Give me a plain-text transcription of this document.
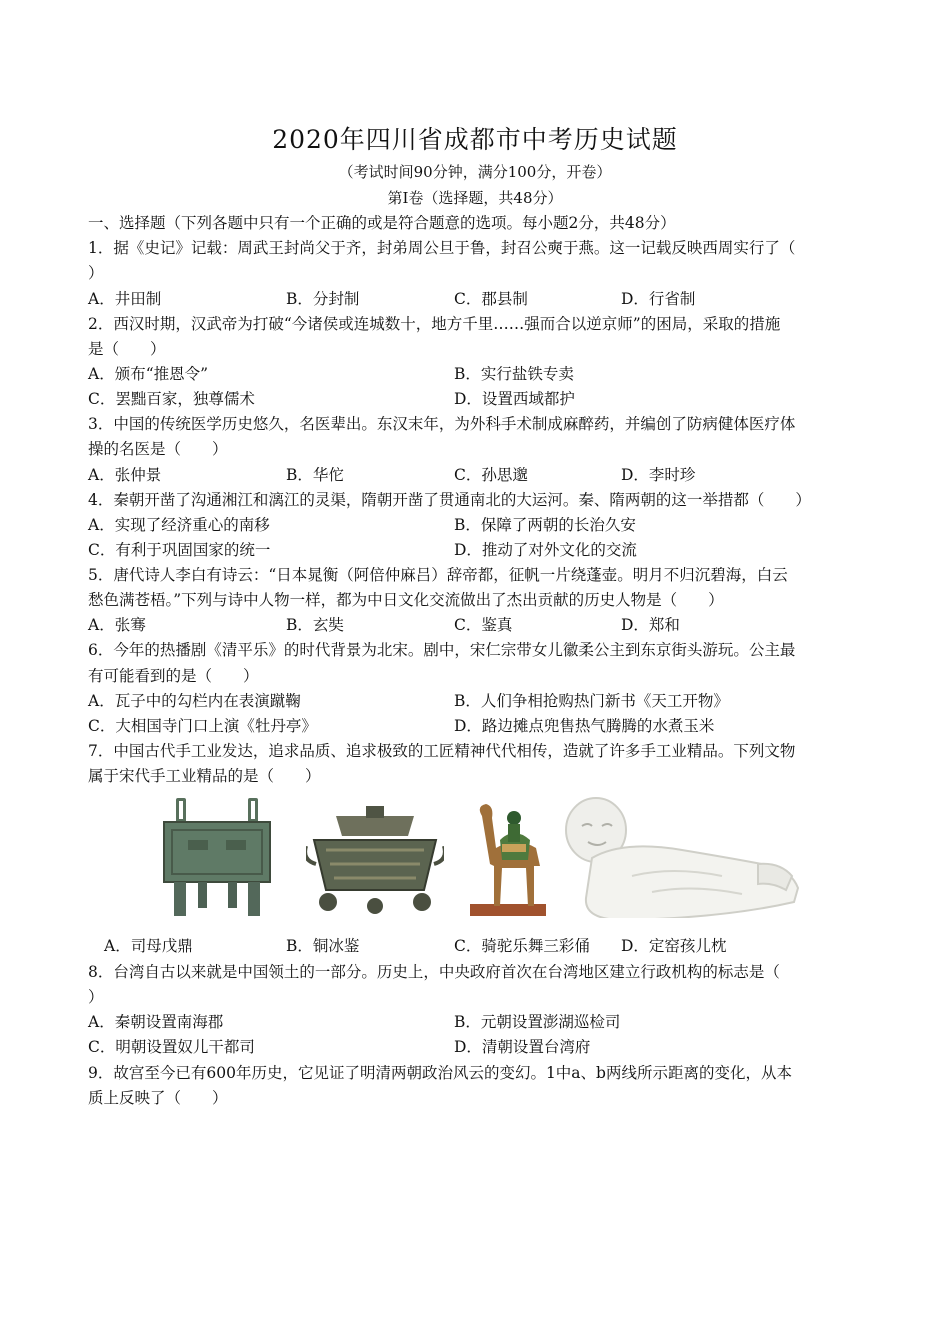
2020年四川省成都市中考历史试题
（考试时间90分钟，满分100分，开卷）
第Ⅰ卷（选择题，共48分）
一、选择题（下列各题中只有一个正确的或是符合题意的选项。每小题2分，共48分）
1．据《史记》记载：周武王封尚父于齐，封弟周公旦于鲁，封召公奭于燕。这一记载反映西周实行了（
）
A．井田制	B．分封制	C．郡县制	D．行省制
2．西汉时期，汉武帝为打破“今诸侯或连城数十，地方千里……强而合以逆京师”的困局，采取的措施
是（　　）
A．颁布“推恩令”	B．实行盐铁专卖
C．罢黜百家，独尊儒术	D．设置西域都护
3．中国的传统医学历史悠久，名医辈出。东汉末年，为外科手术制成麻醉药，并编创了防病健体医疗体
操的名医是（　　）
A．张仲景	B．华佗	C．孙思邈	D．李时珍
4．秦朝开凿了沟通湘江和漓江的灵渠，隋朝开凿了贯通南北的大运河。秦、隋两朝的这一举措都（　　）
A．实现了经济重心的南移	B．保障了两朝的长治久安
C．有利于巩固国家的统一	D．推动了对外文化的交流
5．唐代诗人李白有诗云：“日本晁衡（阿倍仲麻吕）辞帝都，征帆一片绕蓬壶。明月不归沉碧海，白云
愁色满苍梧。”下列与诗中人物一样，都为中日文化交流做出了杰出贡献的历史人物是（　　）
A．张骞	B．玄奘	C．鉴真	D．郑和
6．今年的热播剧《清平乐》的时代背景为北宋。剧中，宋仁宗带女儿徽柔公主到东京街头游玩。公主最
有可能看到的是（　　）
A．瓦子中的勾栏内在表演蹴鞠	B．人们争相抢购热门新书《天工开物》
C．大相国寺门口上演《牡丹亭》	D．路边摊点兜售热气腾腾的水煮玉米
7．中国古代手工业发达，追求品质、追求极致的工匠精神代代相传，造就了许多手工业精品。下列文物
属于宋代手工业精品的是（　　）
A．司母戊鼎	B．铜冰鉴	C．骑驼乐舞三彩俑 D．定窑孩儿枕
8．台湾自古以来就是中国领土的一部分。历史上，中央政府首次在台湾地区建立行政机构的标志是（
）
A．秦朝设置南海郡	B．元朝设置澎湖巡检司
C．明朝设置奴儿干都司	D．清朝设置台湾府
9．故宫至今已有600年历史，它见证了明清两朝政治风云的变幻。1中a、b两线所示距离的变化，从本
质上反映了（　　）
